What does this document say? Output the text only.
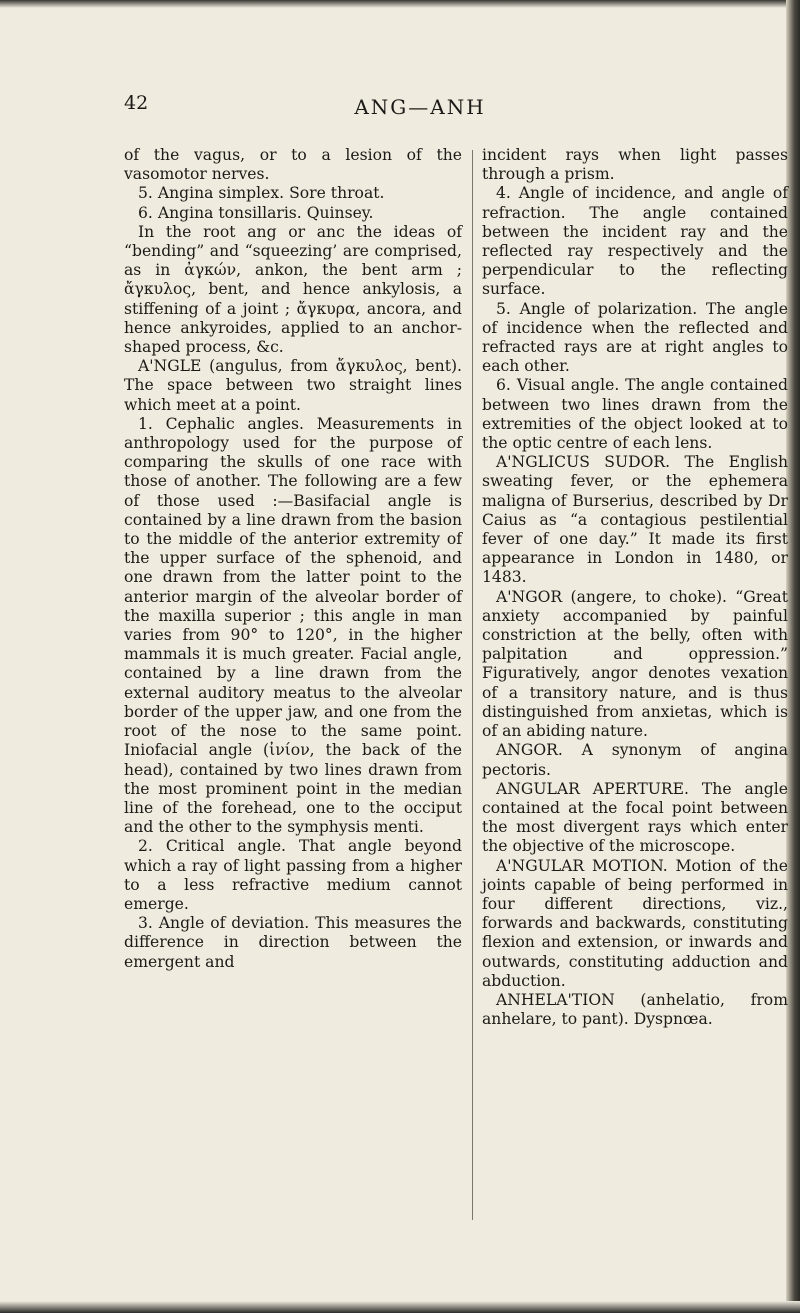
42	ANG—ANH

of the vagus, or to a lesion of the vasomotor nerves.

5. Angina simplex. Sore throat.

6. Angina tonsillaris. Quinsey.

In the root ang or anc the ideas of “bending” and “squeezing’ are comprised, as in ἀγκών, ankon, the bent arm ; ἄγκυλος, bent, and hence ankylosis, a stiffening of a joint ; ἄγκυρα, ancora, and hence ankyroides, applied to an anchor-shaped process, &c.

A'NGLE (angulus, from ἄγκυλος, bent). The space between two straight lines which meet at a point.

1. Cephalic angles. Measurements in anthropology used for the purpose of comparing the skulls of one race with those of another. The following are a few of those used :—Basifacial angle is contained by a line drawn from the basion to the middle of the anterior extremity of the upper surface of the sphenoid, and one drawn from the latter point to the anterior margin of the alveolar border of the maxilla superior ; this angle in man varies from 90° to 120°, in the higher mammals it is much greater. Facial angle, contained by a line drawn from the external auditory meatus to the alveolar border of the upper jaw, and one from the root of the nose to the same point. Iniofacial angle (ἰνίον, the back of the head), contained by two lines drawn from the most prominent point in the median line of the forehead, one to the occiput and the other to the symphysis menti.

2. Critical angle. That angle beyond which a ray of light passing from a higher to a less refractive medium cannot emerge.

3. Angle of deviation. This measures the difference in direction between the emergent and

incident rays when light passes through a prism.

4. Angle of incidence, and angle of refraction. The angle contained between the incident ray and the reflected ray respectively and the perpendicular to the reflecting surface.

5. Angle of polarization. The angle of incidence when the reflected and refracted rays are at right angles to each other.

6. Visual angle. The angle contained between two lines drawn from the extremities of the object looked at to the optic centre of each lens.

A'NGLICUS SUDOR. The English sweating fever, or the ephemera maligna of Burserius, described by Dr Caius as “a contagious pestilential fever of one day.” It made its first appearance in London in 1480, or 1483.

A'NGOR (angere, to choke). “Great anxiety accompanied by painful constriction at the belly, often with palpitation and oppression.” Figuratively, angor denotes vexation of a transitory nature, and is thus distinguished from anxietas, which is of an abiding nature.

ANGOR. A synonym of angina pectoris.

ANGULAR APERTURE. The angle contained at the focal point between the most divergent rays which enter the objective of the microscope.

A'NGULAR MOTION. Motion of the joints capable of being performed in four different directions, viz., forwards and backwards, constituting flexion and extension, or inwards and outwards, constituting adduction and abduction.

ANHELA'TION (anhelatio, from anhelare, to pant). Dyspnœa.
